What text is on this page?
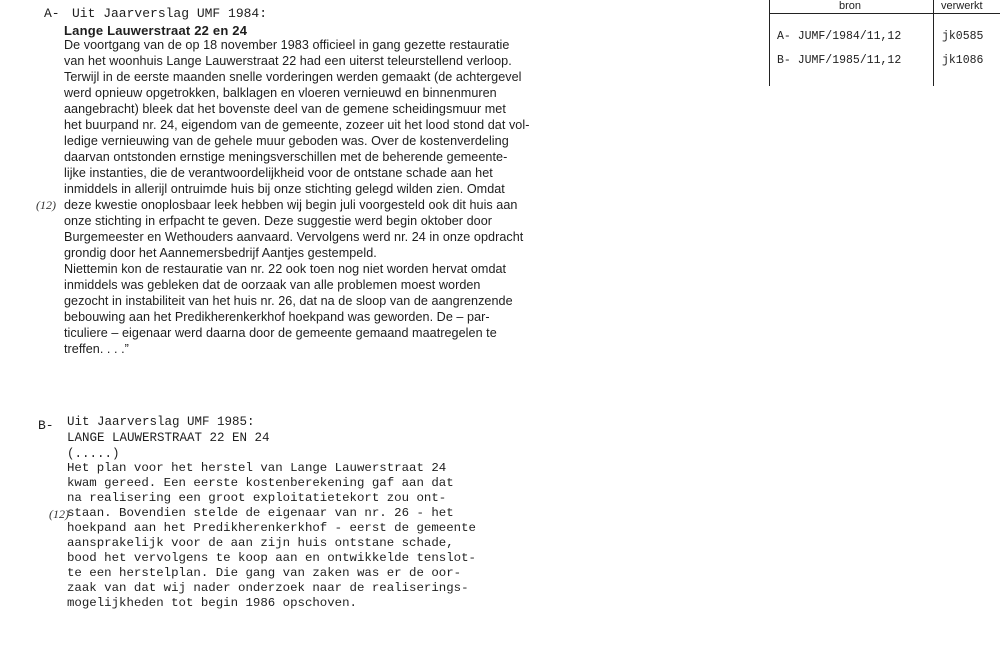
A- Uit Jaarverslag UMF 1984:
Lange Lauwerstraat 22 en 24
(12)
De voortgang van de op 18 november 1983 officieel in gang gezette restauratie
van het woonhuis Lange Lauwerstraat 22 had een uiterst teleurstellend verloop.
Terwijl in de eerste maanden snelle vorderingen werden gemaakt (de achtergevel
werd opnieuw opgetrokken, balklagen en vloeren vernieuwd en binnenmuren
aangebracht) bleek dat het bovenste deel van de gemene scheidingsmuur met
het buurpand nr. 24, eigendom van de gemeente, zozeer uit het lood stond dat vol-
ledige vernieuwing van de gehele muur geboden was. Over de kostenverdeling
daarvan ontstonden ernstige meningsverschillen met de beherende gemeente-
lijke instanties, die de verantwoordelijkheid voor de ontstane schade aan het
inmiddels in allerijl ontruimde huis bij onze stichting gelegd wilden zien. Omdat
deze kwestie onoplosbaar leek hebben wij begin juli voorgesteld ook dit huis aan
onze stichting in erfpacht te geven. Deze suggestie werd begin oktober door
Burgemeester en Wethouders aanvaard. Vervolgens werd nr. 24 in onze opdracht
grondig door het Aannemersbedrijf Aantjes gestempeld.
Niettemin kon de restauratie van nr. 22 ook toen nog niet worden hervat omdat
inmiddels was gebleken dat de oorzaak van alle problemen moest worden
gezocht in instabiliteit van het huis nr. 26, dat na de sloop van de aangrenzende
bebouwing aan het Predikherenkerkhof hoekpand was geworden. De – par-
ticuliere – eigenaar werd daarna door de gemeente gemaand maatregelen te
treffen. . . .”
B- Uit Jaarverslag UMF 1985:
LANGE LAUWERSTRAAT 22 EN 24
(.....)
(12)
Het plan voor het herstel van Lange Lauwerstraat 24
kwam gereed. Een eerste kostenberekening gaf aan dat
na realisering een groot exploitatietekort zou ont-
staan. Bovendien stelde de eigenaar van nr. 26 - het
hoekpand aan het Predikherenkerkhof - eerst de gemeente
aansprakelijk voor de aan zijn huis ontstane schade,
bood het vervolgens te koop aan en ontwikkelde tenslot-
te een herstelplan. Die gang van zaken was er de oor-
zaak van dat wij nader onderzoek naar de realiserings-
mogelijkheden tot begin 1986 opschoven.
bron	verwerkt
A- JUMF/1984/11,12	jk0585
B- JUMF/1985/11,12	jk1086
